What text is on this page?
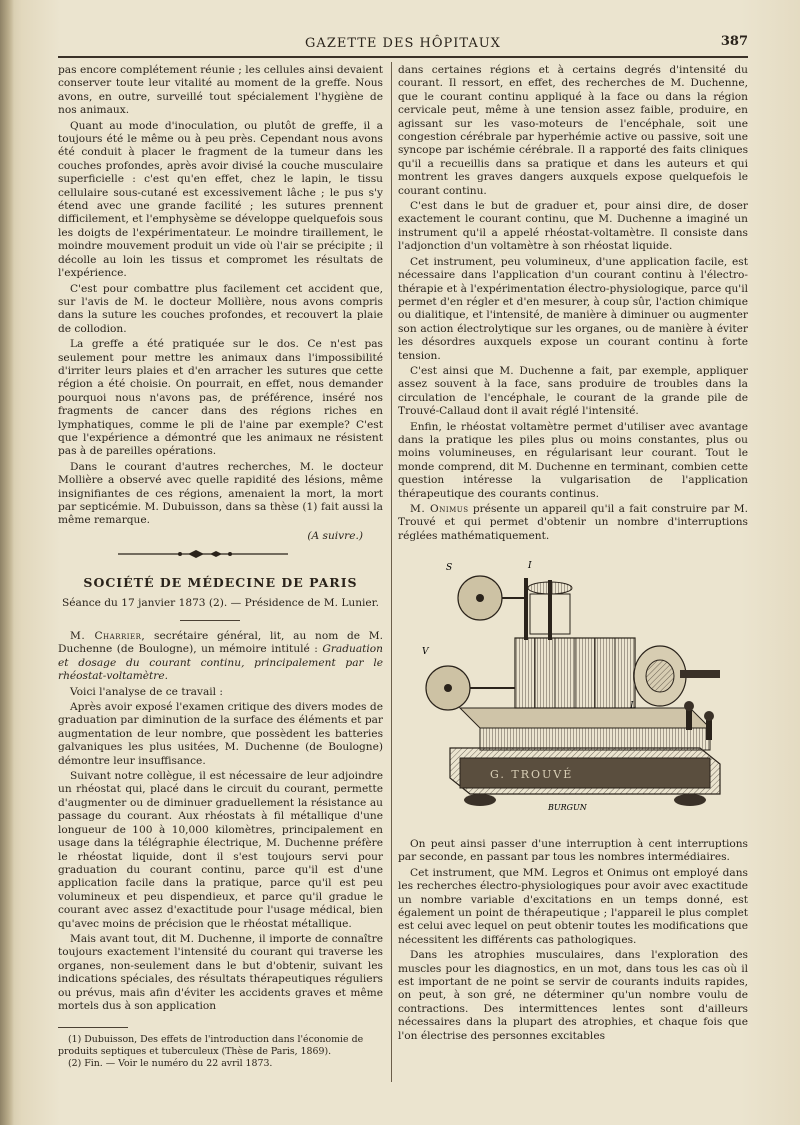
GAZETTE DES HÔPITAUX	387

pas encore complétement réunie ; les cellules ainsi devaient conserver toute leur vitalité au moment de la greffe. Nous avons, en outre, surveillé tout spécialement l'hygiène de nos animaux.

Quant au mode d'inoculation, ou plutôt de greffe, il a toujours été le même ou à peu près. Cependant nous avons été conduit à placer le fragment de la tumeur dans les couches profondes, après avoir divisé la couche musculaire superficielle : c'est qu'en effet, chez le lapin, le tissu cellulaire sous-cutané est excessivement lâche ; le pus s'y étend avec une grande facilité ; les sutures prennent difficilement, et l'emphysème se développe quelquefois sous les doigts de l'expérimentateur. Le moindre tiraillement, le moindre mouvement produit un vide où l'air se précipite ; il décolle au loin les tissus et compromet les résultats de l'expérience.

C'est pour combattre plus facilement cet accident que, sur l'avis de M. le docteur Mollière, nous avons compris dans la suture les couches profondes, et recouvert la plaie de collodion.

La greffe a été pratiquée sur le dos. Ce n'est pas seulement pour mettre les animaux dans l'impossibilité d'irriter leurs plaies et d'en arracher les sutures que cette région a été choisie. On pourrait, en effet, nous demander pourquoi nous n'avons pas, de préférence, inséré nos fragments de cancer dans des régions riches en lymphatiques, comme le pli de l'aine par exemple? C'est que l'expérience a démontré que les animaux ne résistent pas à de pareilles opérations.

Dans le courant d'autres recherches, M. le docteur Mollière a observé avec quelle rapidité des lésions, même insignifiantes de ces régions, amenaient la mort, la mort par septicémie. M. Dubuisson, dans sa thèse (1) fait aussi la même remarque.

(A suivre.)
SOCIÉTÉ DE MÉDECINE DE PARIS
Séance du 17 janvier 1873 (2). — Présidence de M. Lunier.

M. Charrier, secrétaire général, lit, au nom de M. Duchenne (de Boulogne), un mémoire intitulé : Graduation et dosage du courant continu, principalement par le rhéostat-voltamètre.

Voici l'analyse de ce travail :

Après avoir exposé l'examen critique des divers modes de graduation par diminution de la surface des éléments et par augmentation de leur nombre, que possèdent les batteries galvaniques les plus usitées, M. Duchenne (de Boulogne) démontre leur insuffisance.

Suivant notre collègue, il est nécessaire de leur adjoindre un rhéostat qui, placé dans le circuit du courant, permette d'augmenter ou de diminuer graduellement la résistance au passage du courant. Aux rhéostats à fil métallique d'une longueur de 100 à 10,000 kilomètres, principalement en usage dans la télégraphie électrique, M. Duchenne préfère le rhéostat liquide, dont il s'est toujours servi pour graduation du courant continu, parce qu'il est d'une application facile dans la pratique, parce qu'il est peu volumineux et peu dispendieux, et parce qu'il gradue le courant avec assez d'exactitude pour l'usage médical, bien qu'avec moins de précision que le rhéostat métallique.

Mais avant tout, dit M. Duchenne, il importe de connaître toujours exactement l'intensité du courant qui traverse les organes, non-seulement dans le but d'obtenir, suivant les indications spéciales, des résultats thérapeutiques réguliers ou prévus, mais afin d'éviter les accidents graves et même mortels dus à son application

(1) Dubuisson, Des effets de l'introduction dans l'économie de produits septiques et tuberculeux (Thèse de Paris, 1869).

(2) Fin. — Voir le numéro du 22 avril 1873.

dans certaines régions et à certains degrés d'intensité du courant. Il ressort, en effet, des recherches de M. Duchenne, que le courant continu appliqué à la face ou dans la région cervicale peut, même à une tension assez faible, produire, en agissant sur les vaso-moteurs de l'encéphale, soit une congestion cérébrale par hyperhémie active ou passive, soit une syncope par ischémie cérébrale. Il a rapporté des faits cliniques qu'il a recueillis dans sa pratique et dans les auteurs et qui montrent les graves dangers auxquels expose quelquefois le courant continu.

C'est dans le but de graduer et, pour ainsi dire, de doser exactement le courant continu, que M. Duchenne a imaginé un instrument qu'il a appelé rhéostat-voltamètre. Il consiste dans l'adjonction d'un voltamètre à son rhéostat liquide.

Cet instrument, peu volumineux, d'une application facile, est nécessaire dans l'application d'un courant continu à l'électro-thérapie et à l'expérimentation électro-physiologique, parce qu'il permet d'en régler et d'en mesurer, à coup sûr, l'action chimique ou dialitique, et l'intensité, de manière à diminuer ou augmenter son action électrolytique sur les organes, ou de manière à éviter les désordres auxquels expose un courant continu à forte tension.

C'est ainsi que M. Duchenne a fait, par exemple, appliquer assez souvent à la face, sans produire de troubles dans la circulation de l'encéphale, le courant de la grande pile de Trouvé-Callaud dont il avait réglé l'intensité.

Enfin, le rhéostat voltamètre permet d'utiliser avec avantage dans la pratique les piles plus ou moins constantes, plus ou moins volumineuses, en régularisant leur courant. Tout le monde comprend, dit M. Duchenne en terminant, combien cette question intéresse la vulgarisation de l'application thérapeutique des courants continus.

M. Onimus présente un appareil qu'il a fait construire par M. Trouvé et qui permet d'obtenir un nombre d'interruptions réglées mathématiquement.

G. TROUVÉ
S	I
V
L
BURGUN

On peut ainsi passer d'une interruption à cent interruptions par seconde, en passant par tous les nombres intermédiaires.

Cet instrument, que MM. Legros et Onimus ont employé dans les recherches électro-physiologiques pour avoir avec exactitude un nombre variable d'excitations en un temps donné, est également un point de thérapeutique ; l'appareil le plus complet est celui avec lequel on peut obtenir toutes les modifications que nécessitent les différents cas pathologiques.

Dans les atrophies musculaires, dans l'exploration des muscles pour les diagnostics, en un mot, dans tous les cas où il est important de ne point se servir de courants induits rapides, on peut, à son gré, ne déterminer qu'un nombre voulu de contractions. Des intermittences lentes sont d'ailleurs nécessaires dans la plupart des atrophies, et chaque fois que l'on électrise des personnes excitables
